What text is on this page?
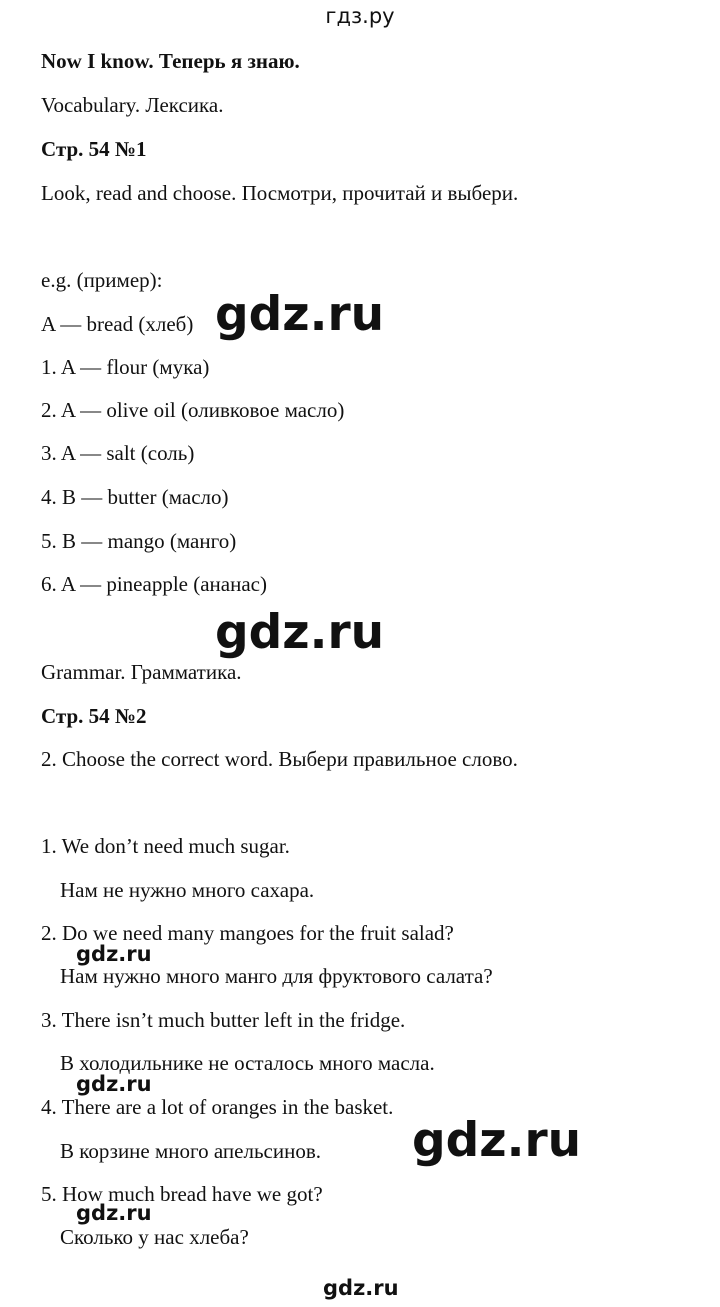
гдз.ру

Now I know. Теперь я знаю.

Vocabulary. Лексика.

Стр. 54 №1

Look, read and choose. Посмотри, прочитай и выбери.

e.g. (пример):

A — bread (хлеб)

1. A — flour (мука)

2. A — olive oil (оливковое масло)

3. A — salt (соль)

4. B — butter (масло)

5. B — mango (манго)

6. A — pineapple (ананас)

Grammar. Грамматика.

Стр. 54 №2

2. Choose the correct word. Выбери правильное слово.

1. We don’t need much sugar.

Нам не нужно много сахара.

2. Do we need many mangoes for the fruit salad?

Нам нужно много манго для фруктового салата?

3. There isn’t much butter left in the fridge.

В холодильнике не осталось много масла.

4. There are a lot of oranges in the basket.

В корзине много апельсинов.

5. How much bread have we got?

Сколько у нас хлеба?

gdz.ru
gdz.ru
gdz.ru
gdz.ru
gdz.ru
gdz.ru
gdz.ru
